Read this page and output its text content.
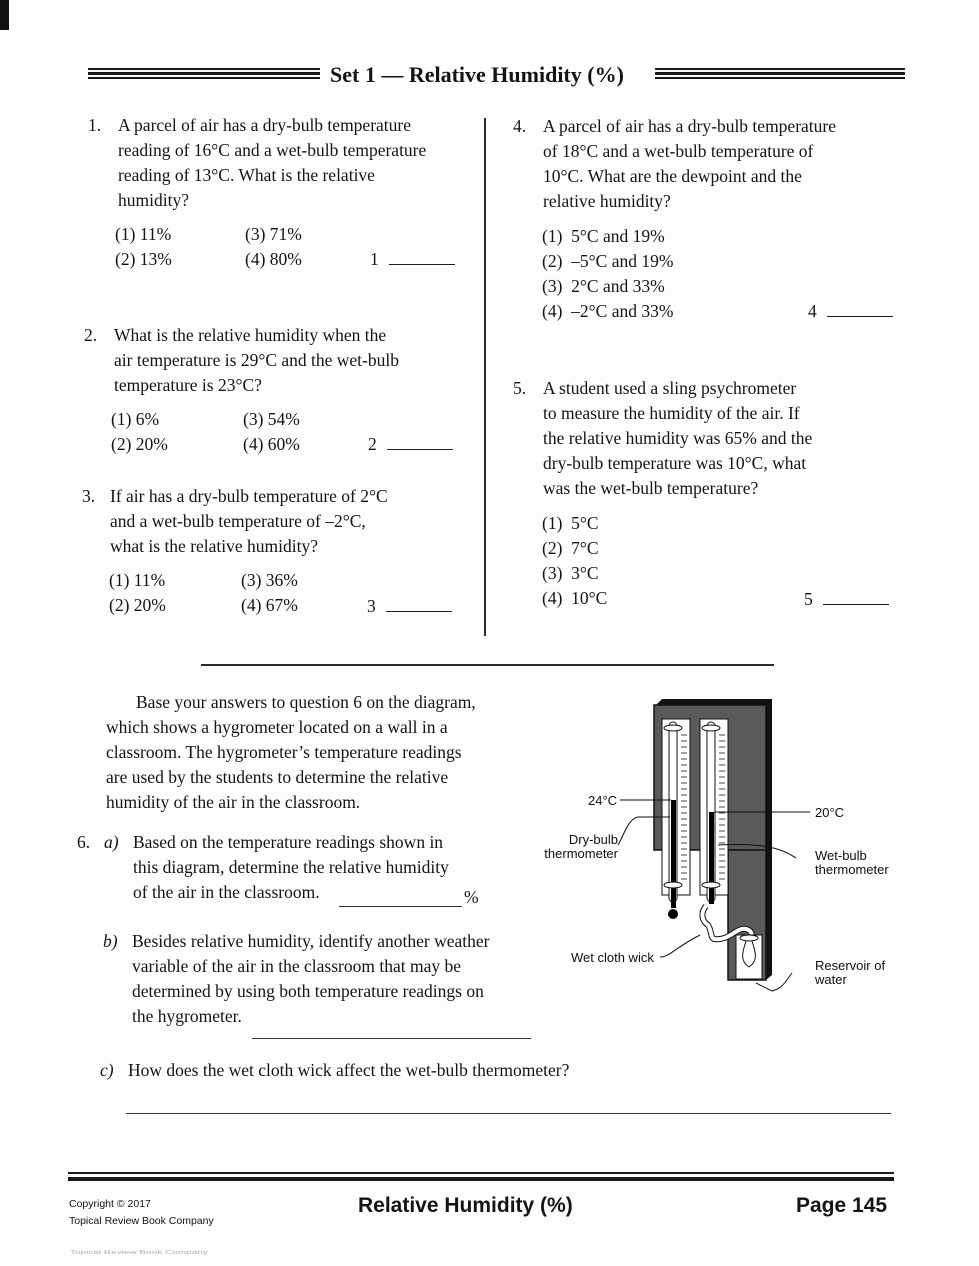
Set 1 — Relative Humidity (%)
1. A parcel of air has a dry-bulb temperature
reading of 16°C and a wet-bulb temperature
reading of 13°C. What is the relative
humidity?
(1) 11%
(2) 13%
(3) 71%
(4) 80%	1
2. What is the relative humidity when the
air temperature is 29°C and the wet-bulb
temperature is 23°C?
(1) 6%
(2) 20%
(3) 54%
(4) 60%	2
3. If air has a dry-bulb temperature of 2°C
and a wet-bulb temperature of –2°C,
what is the relative humidity?
(1) 11%
(2) 20%
(3) 36%
(4) 67%	3
4. A parcel of air has a dry-bulb temperature
of 18°C and a wet-bulb temperature of
10°C. What are the dewpoint and the
relative humidity?
(1)  5°C and 19%
(2)  –5°C and 19%
(3)  2°C and 33%
(4)  –2°C and 33%	4
5. A student used a sling psychrometer
to measure the humidity of the air. If
the relative humidity was 65% and the
dry-bulb temperature was 10°C, what
was the wet-bulb temperature?
(1)  5°C
(2)  7°C
(3)  3°C
(4)  10°C	5
Base your answers to question 6 on the diagram,
which shows a hygrometer located on a wall in a
classroom. The hygrometer’s temperature readings
are used by the students to determine the relative
humidity of the air in the classroom.
6. a) Based on the temperature readings shown in
this diagram, determine the relative humidity
of the air in the classroom.	%
b) Besides relative humidity, identify another weather
variable of the air in the classroom that may be
determined by using both temperature readings on
the hygrometer.
c) How does the wet cloth wick affect the wet-bulb thermometer?
24°C
20°C
Dry-bulb
thermometer	Wet-bulb
thermometer
Wet cloth wick
Reservoir of
water
Copyright © 2017
Topical Review Book Company
Relative Humidity (%)	Page 145
Topical Review Book Company
